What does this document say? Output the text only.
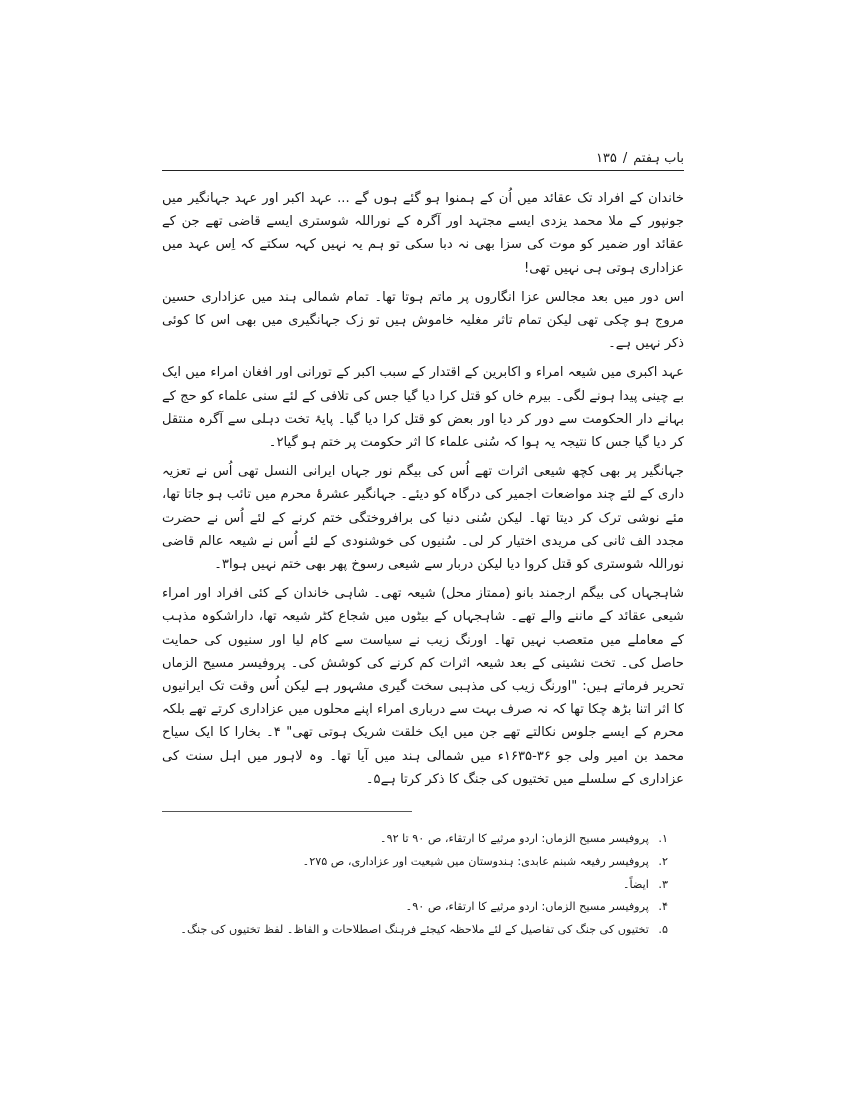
باب ہفتم
/
۱۳۵

خاندان کے افراد تک عقائد میں اُن کے ہمنوا ہو گئے ہوں گے ... عہد اکبر اور عہد جہانگیر میں جونپور کے ملا محمد یزدی ایسے مجتہد اور آگرہ کے نوراللہ شوستری ایسے قاضی تھے جن کے عقائد اور ضمیر کو موت کی سزا بھی نہ دبا سکی تو ہم یہ نہیں کہہ سکتے کہ اِس عہد میں عزاداری ہوتی ہی نہیں تھی!

اس دور میں بعد مجالس عزا انگاروں پر ماتم ہوتا تھا۔ تمام شمالی ہند میں عزاداری حسین مروج ہو چکی تھی لیکن تمام تاثر مغلیہ خاموش ہیں تو زک جہانگیری میں بھی اس کا کوئی ذکر نہیں ہے۔

عہد اکبری میں شیعہ امراء و اکابرین کے اقتدار کے سبب اکبر کے تورانی اور افغان امراء میں ایک بے چینی پیدا ہونے لگی۔ بیرم خاں کو قتل کرا دیا گیا جس کی تلافی کے لئے سنی علماء کو حج کے بہانے دار الحکومت سے دور کر دیا اور بعض کو قتل کرا دیا گیا۔ پایۂ تخت دہلی سے آگرہ منتقل کر دیا گیا جس کا نتیجہ یہ ہوا کہ سُنی علماء کا اثر حکومت پر ختم ہو گیا۲۔

جہانگیر پر بھی کچھ شیعی اثرات تھے اُس کی بیگم نور جہاں ایرانی النسل تھی اُس نے تعزیہ داری کے لئے چند مواضعات اجمیر کی درگاہ کو دیئے۔ جہانگیر عشرۂ محرم میں تائب ہو جاتا تھا، مئے نوشی ترک کر دیتا تھا۔ لیکن سُنی دنیا کی برافروختگی ختم کرنے کے لئے اُس نے حضرت مجدد الف ثانی کی مریدی اختیار کر لی۔ سُنیوں کی خوشنودی کے لئے اُس نے شیعہ عالم قاضی نوراللہ شوستری کو قتل کروا دیا لیکن دربار سے شیعی رسوخ پھر بھی ختم نہیں ہوا۳۔

شاہجہاں کی بیگم ارجمند بانو (ممتاز محل) شیعہ تھی۔ شاہی خاندان کے کئی افراد اور امراء شیعی عقائد کے ماننے والے تھے۔ شاہجہاں کے بیٹوں میں شجاع کٹر شیعہ تھا، داراشکوہ مذہب کے معاملے میں متعصب نہیں تھا۔ اورنگ زیب نے سیاست سے کام لیا اور سنیوں کی حمایت حاصل کی۔ تخت نشینی کے بعد شیعہ اثرات کم کرنے کی کوشش کی۔ پروفیسر مسیح الزماں تحریر فرماتے ہیں: "اورنگ زیب کی مذہبی سخت گیری مشہور ہے لیکن اُس وقت تک ایرانیوں کا اثر اتنا بڑھ چکا تھا کہ نہ صرف بہت سے درباری امراء اپنے محلوں میں عزاداری کرتے تھے بلکہ محرم کے ایسے جلوس نکالتے تھے جن میں ایک خلقت شریک ہوتی تھی" ۴۔ بخارا کا ایک سیاح محمد بن امیر ولی جو ۳۶-۱۶۳۵ء میں شمالی ہند میں آیا تھا۔ وہ لاہور میں اہل سنت کی عزاداری کے سلسلے میں تختیوں کی جنگ کا ذکر کرتا ہے۵۔

۱. پروفیسر مسیح الزماں: اردو مرثیے کا ارتقاء، ص ۹۰ تا ۹۲۔
۲. پروفیسر رفیعہ شبنم عابدی: ہندوستان میں شیعیت اور عزاداری، ص ۲۷۵۔
۳. ایضاً۔
۴. پروفیسر مسیح الزماں: اردو مرثیے کا ارتقاء، ص ۹۰۔
۵. تختیوں کی جنگ کی تفاصیل کے لئے ملاحظہ کیجئے فرہنگ اصطلاحات و الفاظ۔ لفظ تختیوں کی جنگ۔
